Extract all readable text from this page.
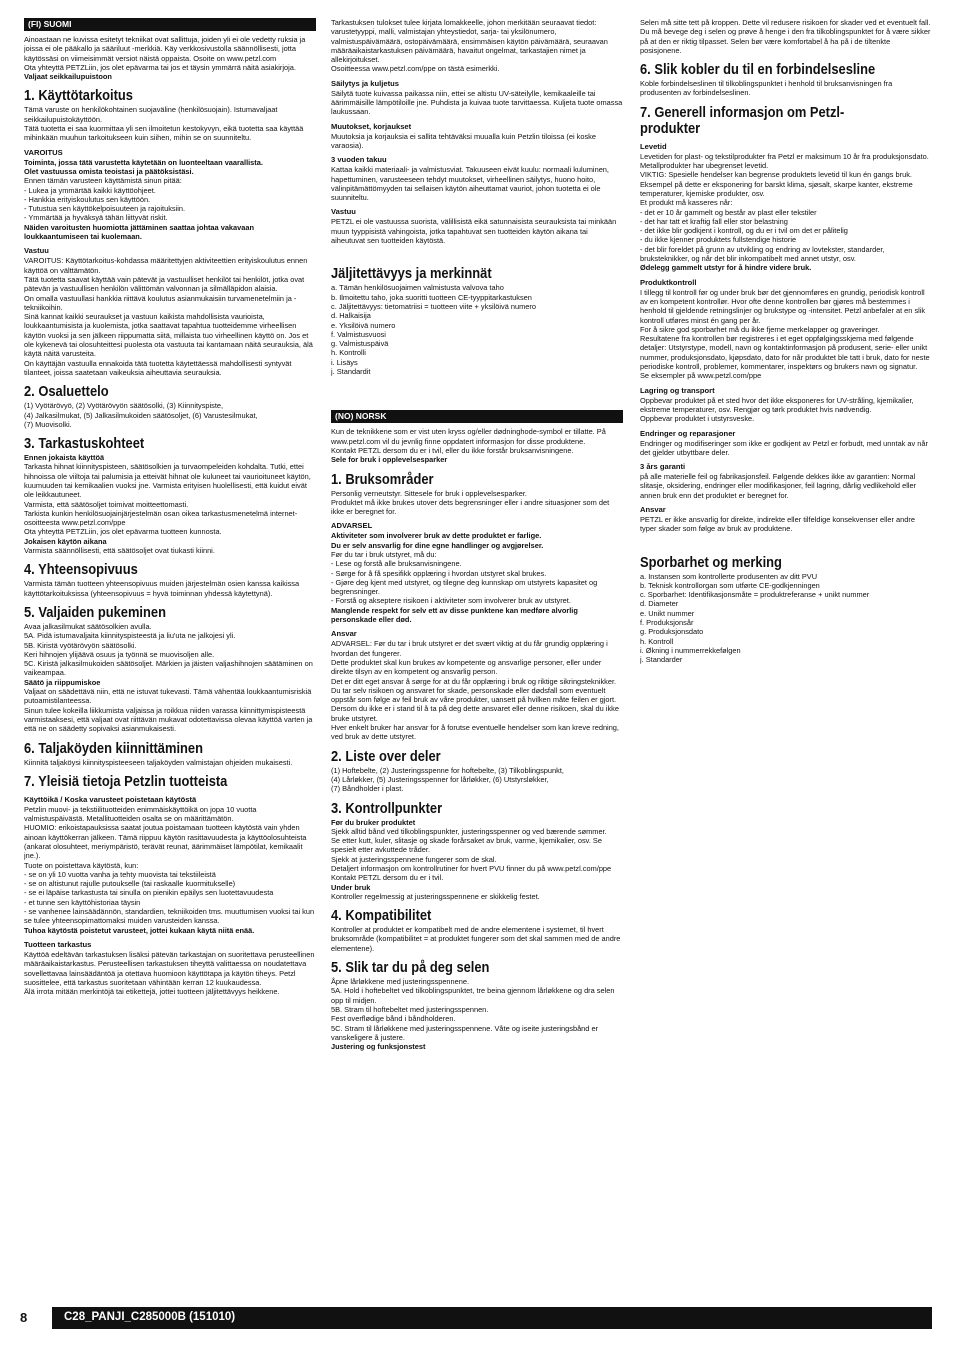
(FI) SUOMI

Ainoastaan ne kuvissa esitetyt tekniikat ovat sallittuja, joiden yli ei ole vedetty ruksia ja joissa ei ole pääkallo ja sääriluut -merkkiä. Käy verkkosivustolla säännöllisesti, jotta käytössäsi on viimeisimmät versiot näistä oppaista. Osoite on www.petzl.com
Ota yhteyttä PETZLiin, jos olet epävarma tai jos et täysin ymmärrä näitä asiakirjoja.

Valjaat seikkailupuistoon

1. Käyttötarkoitus

Tämä varuste on henkilökohtainen suojaväline (henkilösuojain). Istumavaljaat seikkailupuistokäyttöön.
Tätä tuotetta ei saa kuormittaa yli sen ilmoitetun kestokyvyn, eikä tuotetta saa käyttää mihinkään muuhun tarkoitukseen kuin siihen, mihin se on suunniteltu.

VAROITUS

Toiminta, jossa tätä varustetta käytetään on luonteeltaan vaarallista.
Olet vastuussa omista teoistasi ja päätöksistäsi.

Ennen tämän varusteen käyttämistä sinun pitää:
- Lukea ja ymmärtää kaikki käyttöohjeet.
- Hankkia erityiskoulutus sen käyttöön.
- Tutustua sen käyttökelpoisuuteen ja rajoituksiin.
- Ymmärtää ja hyväksyä tähän liittyvät riskit.

Näiden varoitusten huomiotta jättäminen saattaa johtaa vakavaan loukkaantumiseen tai kuolemaan.

Vastuu

VAROITUS: Käyttötarkoitus-kohdassa määritettyjen aktiviteettien erityiskoulutus ennen käyttöä on välttämätön.
Tätä tuotetta saavat käyttää vain pätevät ja vastuulliset henkilöt tai henkilöt, jotka ovat pätevän ja vastuullisen henkilön välittömän valvonnan ja silmälläpidon alaisia.
On omalla vastuullasi hankkia riittävä koulutus asianmukaisiin turvamenetelmiin ja -tekniikoihin.
Sinä kannat kaikki seuraukset ja vastuun kaikista mahdollisista vaurioista, loukkaantumisista ja kuolemista, jotka saattavat tapahtua tuotteidemme virheellisen käytön vuoksi ja sen jälkeen riippumatta siitä, millaista tuo virheellinen käyttö on. Jos et ole kykenevä tai olosuhteittesi puolesta ota vastuuta tai kantamaan näitä seurauksia, älä käytä näitä varusteita.
On käyttäjän vastuulla ennakoida tätä tuotetta käytettäessä mahdollisesti syntyvät tilanteet, joissa saatetaan vaikeuksia aiheuttavia seurauksia.

2. Osaluettelo

(1) Vyötärövyö, (2) Vyötärövyön säätösolki, (3) Kiinnityspiste,
(4) Jalkasilmukat, (5) Jalkasilmukoiden säätösoljet, (6) Varustesilmukat,
(7) Muovisolki.

3. Tarkastuskohteet

Ennen jokaista käyttöä

Tarkasta hihnat kiinnityspisteen, säätösolkien ja turvaompeleiden kohdalta. Tutki, ettei hihnoissa ole viiltoja tai palumisia ja etteivät hihnat ole kuluneet tai vaurioituneet käytön, kuumuuden tai kemikaalien vuoksi jne. Varmista erityisen huolellisesti, että kuidut eivät ole leikkautuneet.
Varmista, että säätösoljet toimivat moitteettomasti.
Tarkista kunkin henkilösuojainjärjestelmän osan oikea tarkastusmenetelmä internet-osoitteesta www.petzl.com/ppe
Ota yhteyttä PETZLiin, jos olet epävarma tuotteen kunnosta.

Jokaisen käytön aikana

Varmista säännöllisesti, että säätösoljet ovat tiukasti kiinni.

4. Yhteensopivuus

Varmista tämän tuotteen yhteensopivuus muiden järjestelmän osien kanssa kaikissa käyttötarkoituksissa (yhteensopivuus = hyvä toiminnan yhdessä käytettynä).

5. Valjaiden pukeminen

Avaa jalkasilmukat säätösolkien avulla.
5A. Pidä istumavaljaita kiinnityspisteestä ja liu'uta ne jalkojesi yli.
5B. Kiristä vyötärövyön säätösolki.
Keri hihnojen ylijäävä osuus ja työnnä se muovisoljen alle.
5C. Kiristä jalkasilmukoiden säätösoljet. Märkien ja jäisten valjashihnojen säätäminen on vaikeampaa.

Säätö ja riippumiskoe

Valjaat on säädettävä niin, että ne istuvat tukevasti. Tämä vähentää loukkaantumisriskiä putoamistilanteessa.
Sinun tulee kokeilla liikkumista valjaissa ja roikkua niiden varassa kiinnittymispisteestä varmistaaksesi, että valjaat ovat riittävän mukavat odotettavissa olevaa käyttöä varten ja että ne on säädetty sopivaksi asianmukaisesti.

6. Taljaköyden kiinnittäminen

Kiinnitä taljaköysi kiinnityspisteeseen taljaköyden valmistajan ohjeiden mukaisesti.

7. Yleisiä tietoja Petzlin tuotteista
Käyttöikä / Koska varusteet poistetaan käytöstä

Petzlin muovi- ja tekstiilituotteiden enimmäiskäyttöikä on jopa 10 vuotta valmistuspäivästä. Metallituotteiden osalta se on määrittämätön.
HUOMIO: erikoistapauksissa saatat joutua poistamaan tuotteen käytöstä vain yhden ainoan käyttökerran jälkeen. Tämä riippuu käytön rasittavuudesta ja käyttöolosuhteista (ankarat olosuhteet, meriympäristö, terävät reunat, äärimmäiset lämpötilat, kemikaalit jne.).
Tuote on poistettava käytöstä, kun:
- se on yli 10 vuotta vanha ja tehty muovista tai tekstiileistä
- se on altistunut rajulle putoukselle (tai raskaalle kuormitukselle)
- se ei läpäise tarkastusta tai sinulla on pienikin epäilys sen luotettavuudesta
- et tunne sen käyttöhistoriaa täysin
- se vanhenee lainsäädännön, standardien, tekniikoiden tms. muuttumisen vuoksi tai kun se tulee yhteensopimattomaksi muiden varusteiden kanssa.

Tuhoa käytöstä poistetut varusteet, jottei kukaan käytä niitä enää.

Tuotteen tarkastus

Käyttöä edeltävän tarkastuksen lisäksi pätevän tarkastajan on suoritettava perusteellinen määräaikaistarkastus. Perusteellisen tarkastuksen tiheyttä valittaessa on noudatettava sovellettavaa lainsäädäntöä ja otettava huomioon käyttötapa ja käytön tiheys. Petzl suosittelee, että tarkastus suoritetaan vähintään kerran 12 kuukaudessa.
Älä irrota mitään merkintöjä tai etikettejä, jottei tuotteen jäljitettävyys heikkene.

Tarkastuksen tulokset tulee kirjata lomakkeelle, johon merkitään seuraavat tiedot: varustetyyppi, malli, valmistajan yhteystiedot, sarja- tai yksilönumero, valmistuspäivämäärä, ostopäivämäärä, ensimmäisen käytön päivämäärä, seuraavan määräaikaistarkastuksen päivämäärä, havaitut ongelmat, tarkastajien nimet ja allekirjoitukset.
Osoitteessa www.petzl.com/ppe on tästä esimerkki.

Säilytys ja kuljetus

Säilytä tuote kuivassa paikassa niin, ettei se altistu UV-säteilylle, kemikaaleille tai äärimmäisille lämpötiloille jne. Puhdista ja kuivaa tuote tarvittaessa. Kuljeta tuote omassa laukussaan.

Muutokset, korjaukset

Muutoksia ja korjauksia ei sallita tehtäväksi muualla kuin Petzlin tiloissa (ei koske varaosia).

3 vuoden takuu

Kattaa kaikki materiaali- ja valmistusviat. Takuuseen eivät kuulu: normaali kuluminen, hapettuminen, varusteeseen tehdyt muutokset, virheellinen säilytys, huono hoito, välinpitämättömyyden tai sellaisen käytön aiheuttamat vauriot, johon tuotetta ei ole suunniteltu.

Vastuu

PETZL ei ole vastuussa suorista, välillisistä eikä satunnaisista seurauksista tai minkään muun tyyppisistä vahingoista, jotka tapahtuvat sen tuotteiden käytön aikana tai aiheutuvat sen tuotteiden käytöstä.

Jäljitettävyys ja merkinnät

a. Tämän henkilösuojaimen valmistusta valvova taho
b. Ilmoitettu taho, joka suoritti tuotteen CE-tyyppitarkastuksen
c. Jäljitettävyys: tietomatriisi = tuotteen viite + yksilöivä numero
d. Halkaisija
e. Yksilöivä numero
f. Valmistusvuosi
g. Valmistuspäivä
h. Kontrolli
i. Lisäys
j. Standardit

(NO) NORSK

Kun de teknikkene som er vist uten kryss og/eller dødninghode-symbol er tillatte. På www.petzl.com vil du jevnlig finne oppdatert informasjon for disse produktene.
Kontakt PETZL dersom du er i tvil, eller du ikke forstår bruksanvisningene.

Sele for bruk i opplevelsesparker

1. Bruksområder

Personlig verneutstyr. Sittesele for bruk i opplevelsesparker.
Produktet må ikke brukes utover dets begrensninger eller i andre situasjoner som det ikke er beregnet for.

ADVARSEL

Aktiviteter som involverer bruk av dette produktet er farlige.
Du er selv ansvarlig for dine egne handlinger og avgjørelser.

Før du tar i bruk utstyret, må du:
- Lese og forstå alle bruksanvisningene.
- Sørge for å få spesifikk opplæring i hvordan utstyret skal brukes.
- Gjøre deg kjent med utstyret, og tilegne deg kunnskap om utstyrets kapasitet og begrensninger.
- Forstå og akseptere risikoen i aktiviteter som involverer bruk av utstyret.

Manglende respekt for selv ett av disse punktene kan medføre alvorlig personskade eller død.

Ansvar

ADVARSEL: Før du tar i bruk utstyret er det svært viktig at du får grundig opplæring i hvordan det fungerer.
Dette produktet skal kun brukes av kompetente og ansvarlige personer, eller under direkte tilsyn av en kompetent og ansvarlig person.
Det er ditt eget ansvar å sørge for at du får opplæring i bruk og riktige sikringsteknikker.
Du tar selv risikoen og ansvaret for skade, personskade eller dødsfall som eventuelt oppstår som følge av feil bruk av våre produkter, uansett på hvilken måte feilen er gjort. Dersom du ikke er i stand til å ta på deg dette ansvaret eller denne risikoen, skal du ikke bruke utstyret.
Hver enkelt bruker har ansvar for å forutse eventuelle hendelser som kan kreve redning, ved bruk av dette utstyret.

2. Liste over deler

(1) Hoftebelte, (2) Justeringsspenne for hoftebelte, (3) Tilkoblingspunkt,
(4) Lårløkker, (5) Justeringsspenner for lårløkker, (6) Utstyrsløkker,
(7) Båndholder i plast.

3. Kontrollpunkter

Før du bruker produktet

Sjekk alltid bånd ved tilkoblingspunkter, justeringsspenner og ved bærende sømmer.
Se etter kutt, kuler, slitasje og skade forårsaket av bruk, varme, kjemikalier, osv. Se spesielt etter avkuttede tråder.
Sjekk at justeringsspennene fungerer som de skal.
Detaljert informasjon om kontrollrutiner for hvert PVU finner du på www.petzl.com/ppe
Kontakt PETZL dersom du er i tvil.

Under bruk

Kontroller regelmessig at justeringsspennene er skikkelig festet.

4. Kompatibilitet

Kontroller at produktet er kompatibelt med de andre elementene i systemet, til hvert bruksområde (kompatibilitet = at produktet fungerer som det skal sammen med de andre elementene).

5. Slik tar du på deg selen

Åpne lårløkkene med justeringsspennene.
5A. Hold i hoftebeltet ved tilkoblingspunktet, tre beina gjennom lårløkkene og dra selen opp til midjen.
5B. Stram til hoftebeltet med justeringsspennen.
Fest overflødige bånd i båndholderen.
5C. Stram til lårløkkene med justeringsspennene. Våte og iseite justeringsbånd er vanskeligere å justere.

Justering og funksjonstest

Selen må sitte tett på kroppen. Dette vil redusere risikoen for skader ved et eventuelt fall.
Du må bevege deg i selen og prøve å henge i den fra tilkoblingspunktet for å være sikker på at den er riktig tilpasset. Selen bør være komfortabel å ha på i de tiltenkte posisjonene.

6. Slik kobler du til en forbindelsesline

Koble forbindelseslinen til tilkoblingspunktet i henhold til bruksanvisningen fra produsenten av forbindelseslinen.

7. Generell informasjon om Petzl-produkter
Levetid

Levetiden for plast- og tekstilprodukter fra Petzl er maksimum 10 år fra produksjonsdato. Metallprodukter har ubegrenset levetid.
VIKTIG: Spesielle hendelser kan begrense produktets levetid til kun én gangs bruk. Eksempel på dette er eksponering for barskt klima, sjøsalt, skarpe kanter, ekstreme temperaturer, kjemiske produkter, osv.
Et produkt må kasseres når:
- det er 10 år gammelt og består av plast eller tekstiler
- det har tatt et kraftig fall eller stor belastning
- det ikke blir godkjent i kontroll, og du er i tvil om det er pålitelig
- du ikke kjenner produktets fullstendige historie
- det blir foreldet på grunn av utvikling og endring av lovtekster, standarder, bruksteknikker, og når det blir inkompatibelt med annet utstyr, osv.

Ødelegg gammelt utstyr for å hindre videre bruk.

Produktkontroll

I tillegg til kontroll før og under bruk bør det gjennomføres en grundig, periodisk kontroll av en kompetent kontrollør. Hvor ofte denne kontrollen bør gjøres må bestemmes i henhold til gjeldende retningslinjer og brukstype og -intensitet. Petzl anbefaler at en slik kontroll utføres minst én gang per år.
For å sikre god sporbarhet må du ikke fjerne merkelapper og graveringer.
Resultatene fra kontrollen bør registreres i et eget oppfølgingsskjema med følgende detaljer: Utstyrstype, modell, navn og kontaktinformasjon på produsent, serie- eller unikt nummer, produksjonsdato, kjøpsdato, dato for når produktet ble tatt i bruk, dato for neste periodiske kontroll, problemer, kommentarer, inspektørs og brukers navn og signatur.
Se eksempler på www.petzl.com/ppe

Lagring og transport

Oppbevar produktet på et sted hvor det ikke eksponeres for UV-stråling, kjemikalier, ekstreme temperaturer, osv. Rengjør og tørk produktet hvis nødvendig.
Oppbevar produktet i utstyrsveske.

Endringer og reparasjoner

Endringer og modifiseringer som ikke er godkjent av Petzl er forbudt, med unntak av når det gjelder utbyttbare deler.

3 års garanti

på alle materielle feil og fabrikasjonsfeil. Følgende dekkes ikke av garantien: Normal slitasje, oksidering, endringer eller modifikasjoner, feil lagring, dårlig vedlikehold eller annen bruk enn det produktet er beregnet for.

Ansvar

PETZL er ikke ansvarlig for direkte, indirekte eller tilfeldige konsekvenser eller andre typer skader som følge av bruk av produktene.

Sporbarhet og merking

a. Instansen som kontrollerte produsenten av ditt PVU
b. Teknisk kontrollorgan som utførte CE-godkjenningen
c. Sporbarhet: Identifikasjonsmåte = produktreferanse + unikt nummer
d. Diameter
e. Unikt nummer
f. Produksjonsår
g. Produksjonsdato
h. Kontroll
i. Økning i nummerrekkefølgen
j. Standarder

8	C28_PANJI_C285000B (151010)
